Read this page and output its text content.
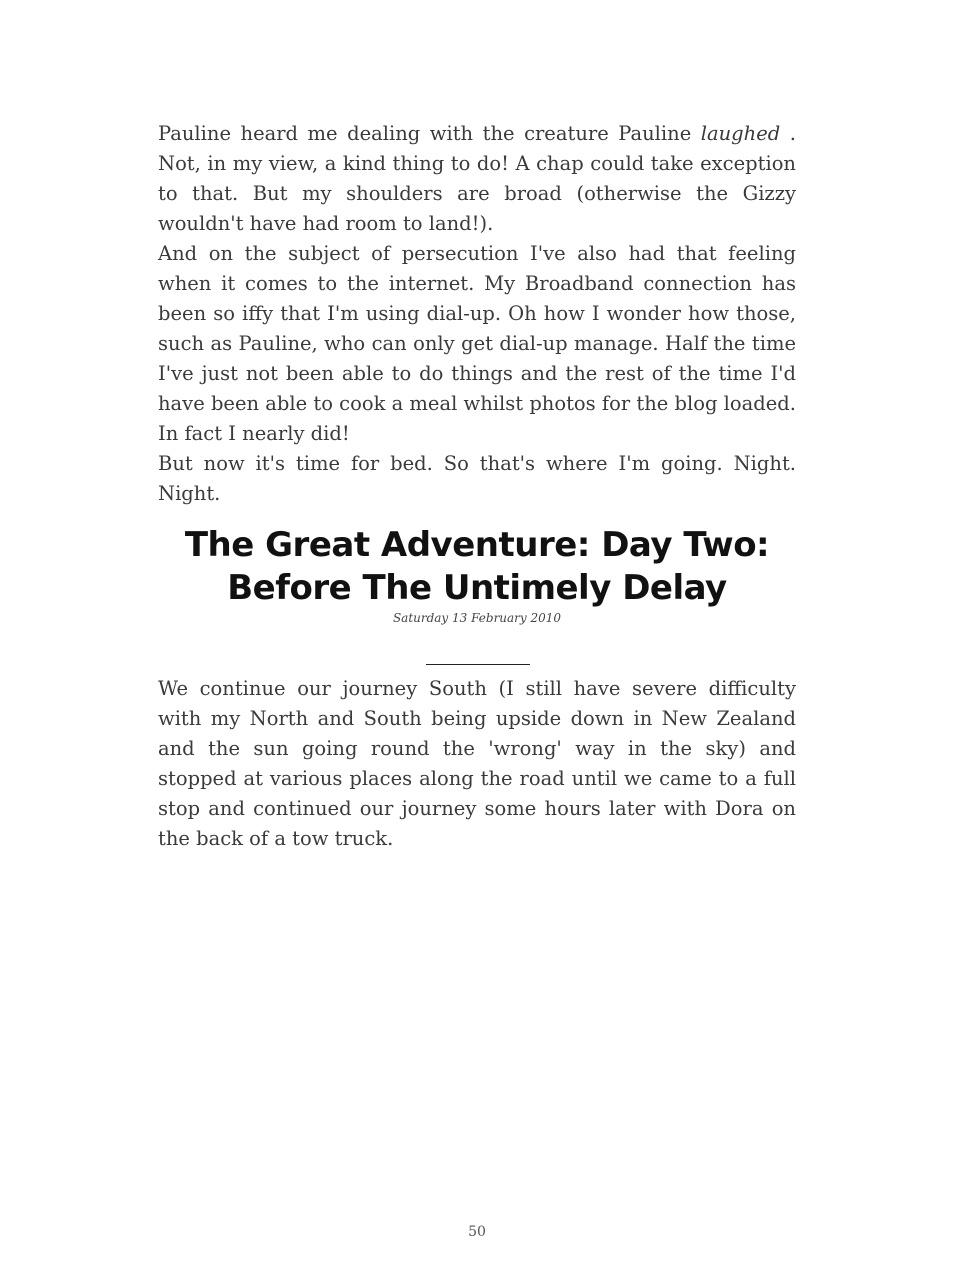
Pauline heard me dealing with the creature Pauline laughed . Not, in my view, a kind thing to do! A chap could take exception to that. But my shoulders are broad (otherwise the Gizzy wouldn't have had room to land!).

And on the subject of persecution I've also had that feeling when it comes to the internet. My Broadband connection has been so iffy that I'm using dial-up. Oh how I wonder how those, such as Pauline, who can only get dial-up manage. Half the time I've just not been able to do things and the rest of the time I'd have been able to cook a meal whilst photos for the blog loaded. In fact I nearly did!

But now it's time for bed. So that's where I'm going. Night. Night.

The Great Adventure: Day Two: Before The Untimely Delay
Saturday 13 February 2010

We continue our journey South (I still have severe difficulty with my North and South being upside down in New Zealand and the sun going round the 'wrong' way in the sky) and stopped at various places along the road until we came to a full stop and continued our journey some hours later with Dora on the back of a tow truck.

50
